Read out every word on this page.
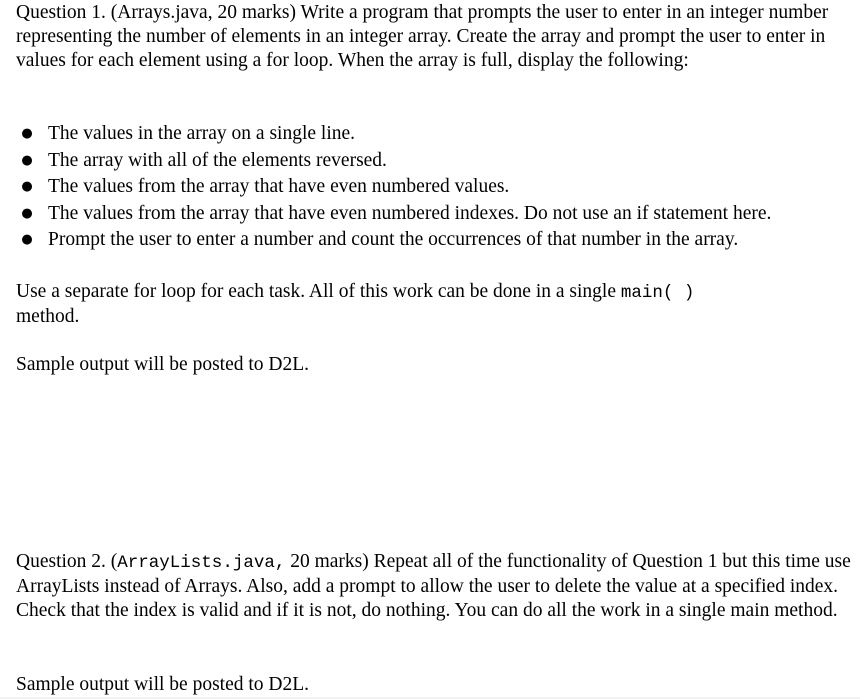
Question 1. (Arrays.java, 20 marks) Write a program that prompts the user to enter in an integer number representing the number of elements in an integer array. Create the array and prompt the user to enter in values for each element using a for loop. When the array is full, display the following:

● The values in the array on a single line.
● The array with all of the elements reversed.
● The values from the array that have even numbered values.
● The values from the array that have even numbered indexes. Do not use an if statement here.
● Prompt the user to enter a number and count the occurrences of that number in the array.

Use a separate for loop for each task. All of this work can be done in a single main( )
method.

Sample output will be posted to D2L.

Question 2. (ArrayLists.java, 20 marks) Repeat all of the functionality of Question 1 but this time use ArrayLists instead of Arrays. Also, add a prompt to allow the user to delete the value at a specified index. Check that the index is valid and if it is not, do nothing. You can do all the work in a single main method.

Sample output will be posted to D2L.
